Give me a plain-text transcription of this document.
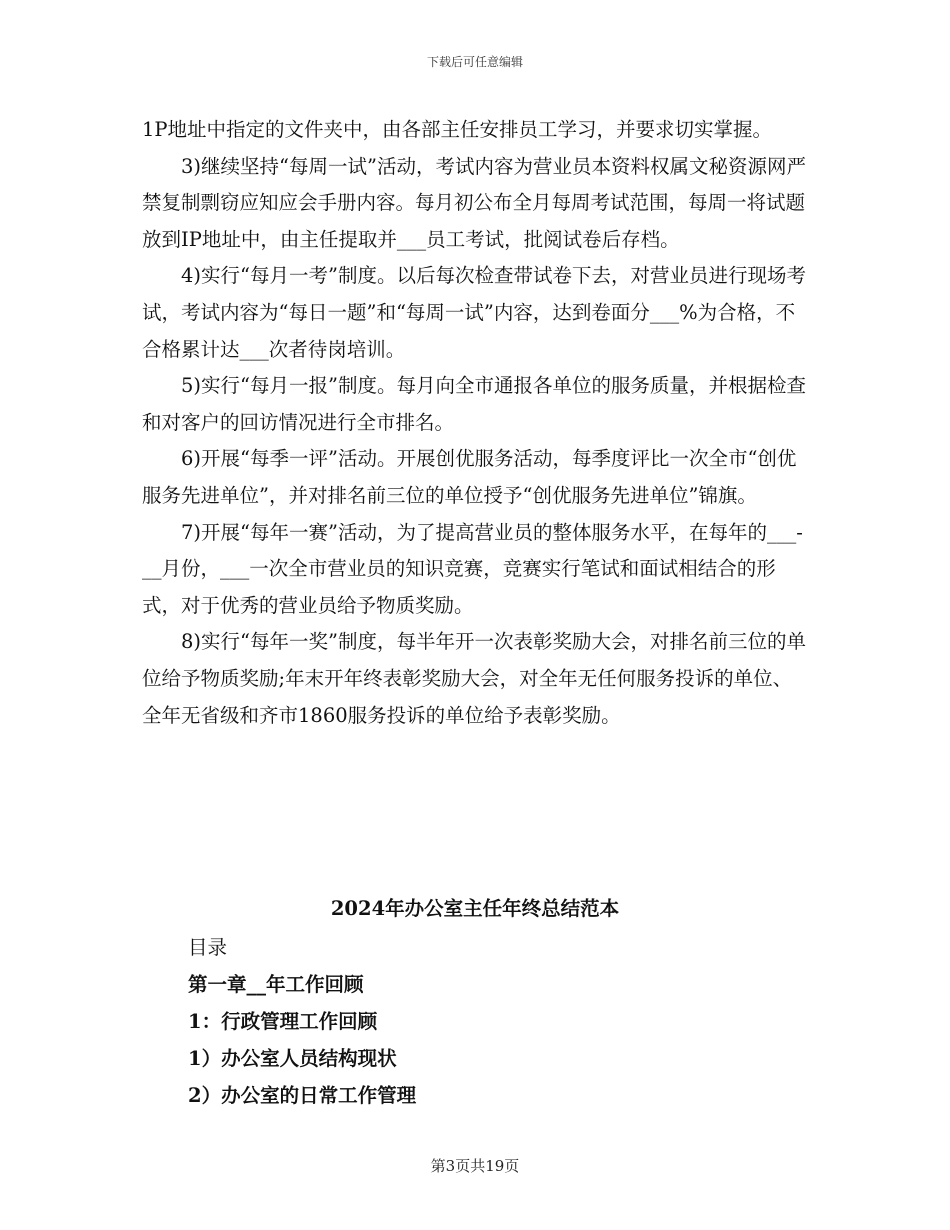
下载后可任意编辑

1P地址中指定的文件夹中，由各部主任安排员工学习，并要求切实掌握。

3)继续坚持“每周一试”活动，考试内容为营业员本资料权属文秘资源网严禁复制剽窃应知应会手册内容。每月初公布全月每周考试范围，每周一将试题放到IP地址中，由主任提取并___员工考试，批阅试卷后存档。

4)实行“每月一考”制度。以后每次检查带试卷下去，对营业员进行现场考试，考试内容为“每日一题”和“每周一试”内容，达到卷面分___%为合格，不合格累计达___次者待岗培训。

5)实行“每月一报”制度。每月向全市通报各单位的服务质量，并根据检查和对客户的回访情况进行全市排名。

6)开展“每季一评”活动。开展创优服务活动，每季度评比一次全市“创优服务先进单位”，并对排名前三位的单位授予“创优服务先进单位”锦旗。

7)开展“每年一赛”活动，为了提高营业员的整体服务水平，在每年的___-__月份，___一次全市营业员的知识竞赛，竞赛实行笔试和面试相结合的形式，对于优秀的营业员给予物质奖励。

8)实行“每年一奖”制度，每半年开一次表彰奖励大会，对排名前三位的单位给予物质奖励;年末开年终表彰奖励大会，对全年无任何服务投诉的单位、全年无省级和齐市1860服务投诉的单位给予表彰奖励。

2024年办公室主任年终总结范本
目录
第一章__年工作回顾
1：行政管理工作回顾
1）办公室人员结构现状
2）办公室的日常工作管理
第3页共19页
